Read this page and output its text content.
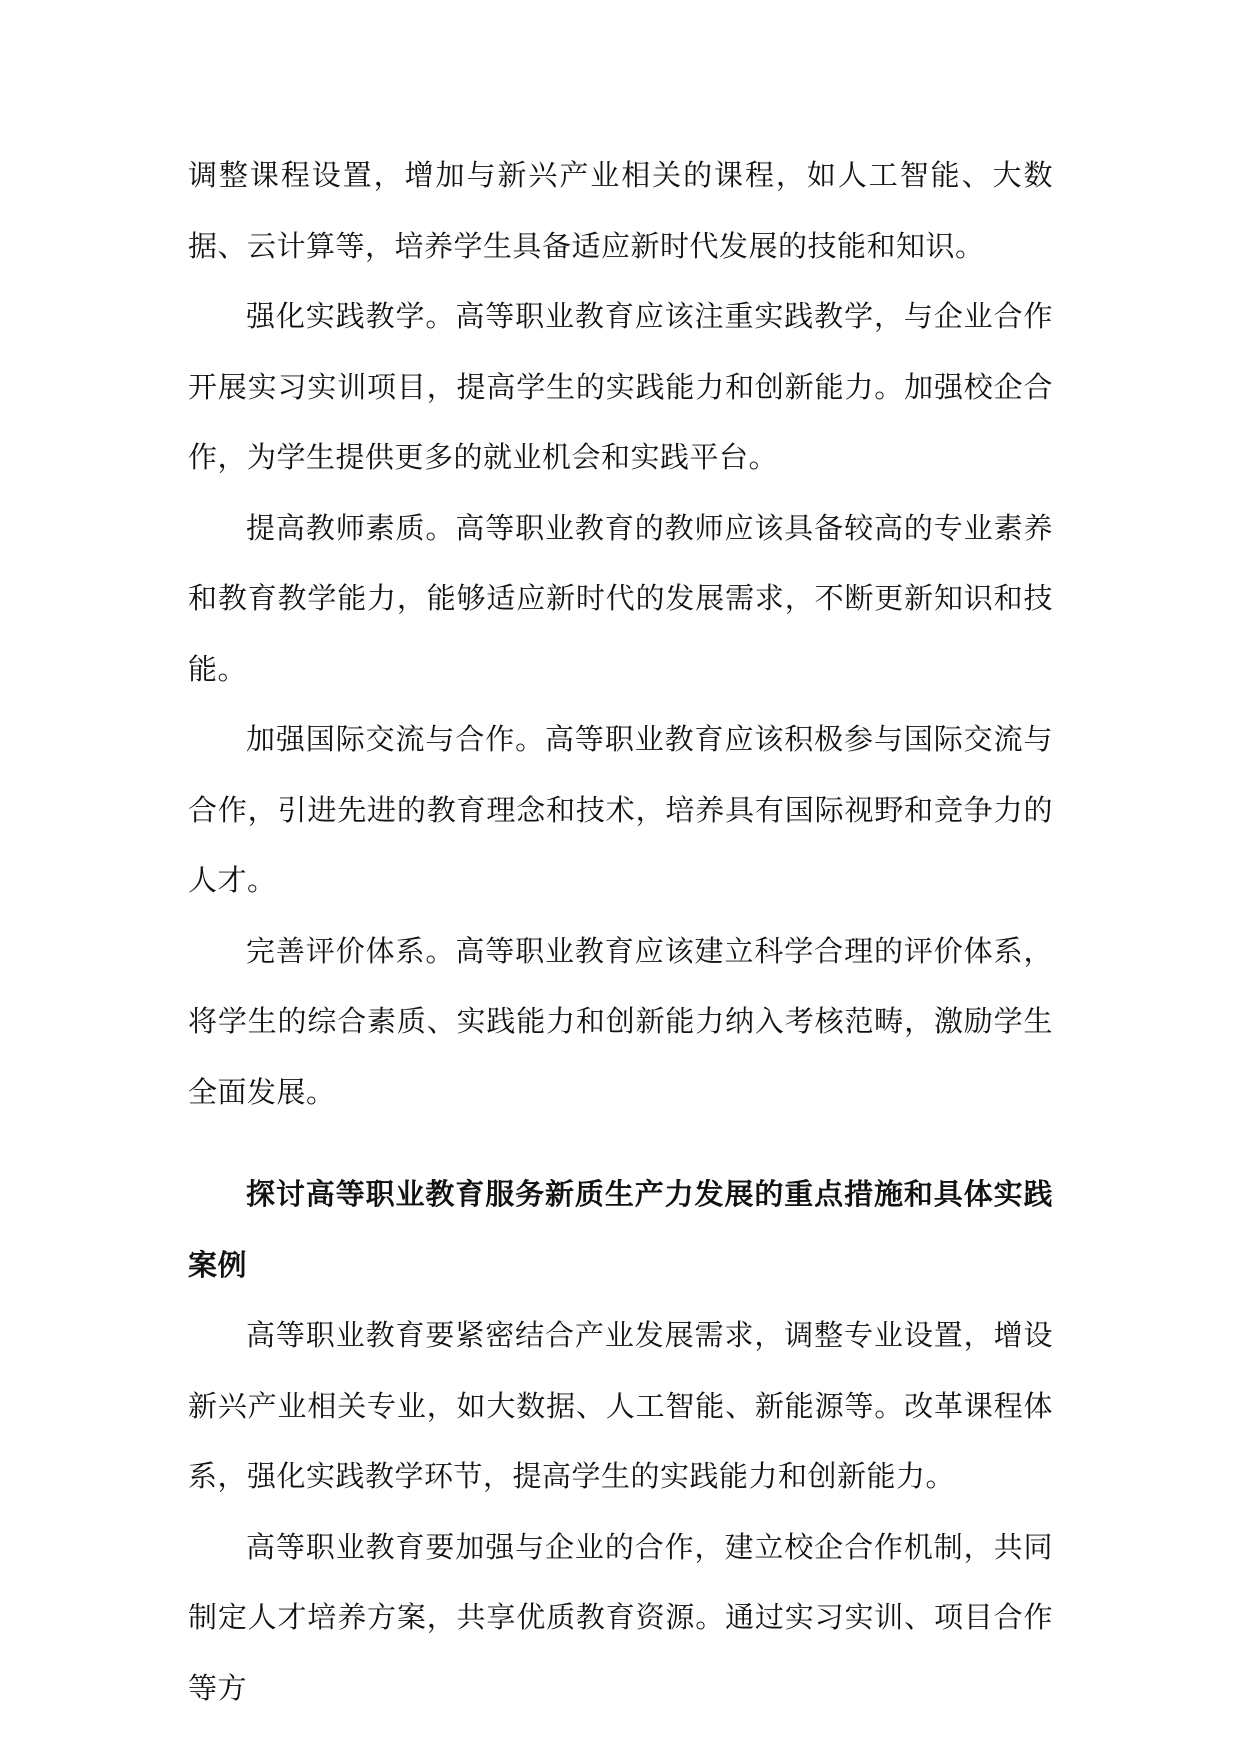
调整课程设置，增加与新兴产业相关的课程，如人工智能、大数据、云计算等，培养学生具备适应新时代发展的技能和知识。

强化实践教学。高等职业教育应该注重实践教学，与企业合作开展实习实训项目，提高学生的实践能力和创新能力。加强校企合作，为学生提供更多的就业机会和实践平台。

提高教师素质。高等职业教育的教师应该具备较高的专业素养和教育教学能力，能够适应新时代的发展需求，不断更新知识和技能。

加强国际交流与合作。高等职业教育应该积极参与国际交流与合作，引进先进的教育理念和技术，培养具有国际视野和竞争力的人才。

完善评价体系。高等职业教育应该建立科学合理的评价体系，将学生的综合素质、实践能力和创新能力纳入考核范畴，激励学生全面发展。

探讨高等职业教育服务新质生产力发展的重点措施和具体实践案例

高等职业教育要紧密结合产业发展需求，调整专业设置，增设新兴产业相关专业，如大数据、人工智能、新能源等。改革课程体系，强化实践教学环节，提高学生的实践能力和创新能力。

高等职业教育要加强与企业的合作，建立校企合作机制，共同制定人才培养方案，共享优质教育资源。通过实习实训、项目合作等方
